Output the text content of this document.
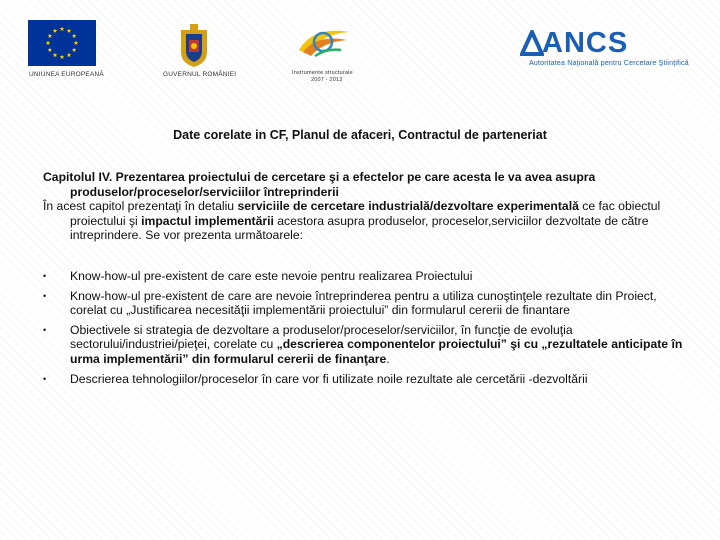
UNIUNEA EUROPEANĂ	GUVERNUL ROMÂNIEI	Instrumente structurale
2007 - 2013
ANCS
Autoritatea Naţională pentru Cercetare Ştiinţifică
Date corelate in CF, Planul de afaceri, Contractul de parteneriat

Capitolul IV. Prezentarea proiectului de cercetare şi a efectelor pe care acesta le va avea asupra produselor/proceselor/serviciilor întreprinderii

În acest capitol prezentaţi în detaliu serviciile de cercetare industrială/dezvoltare experimentală ce fac obiectul proiectului şi impactul implementării acestora asupra produselor, proceselor,serviciilor dezvoltate de către intreprindere. Se vor prezenta următoarele:

• Know-how-ul pre-existent de care este nevoie pentru realizarea Proiectului
• Know-how-ul pre-existent de care are nevoie întreprinderea pentru a utiliza cunoştinţele rezultate din Proiect, corelat cu „Justificarea necesităţii implementării proiectului” din formularul cererii de finantare
• Obiectivele si strategia de dezvoltare a produselor/proceselor/serviciilor, în funcţie de evoluţia sectorului/industriei/pieţei, corelate cu „descrierea componentelor proiectului” şi cu „rezultatele anticipate în urma implementării” din formularul cererii de finanţare.
• Descrierea tehnologiilor/proceselor în care vor fi utilizate noile rezultate ale cercetării -dezvoltării
